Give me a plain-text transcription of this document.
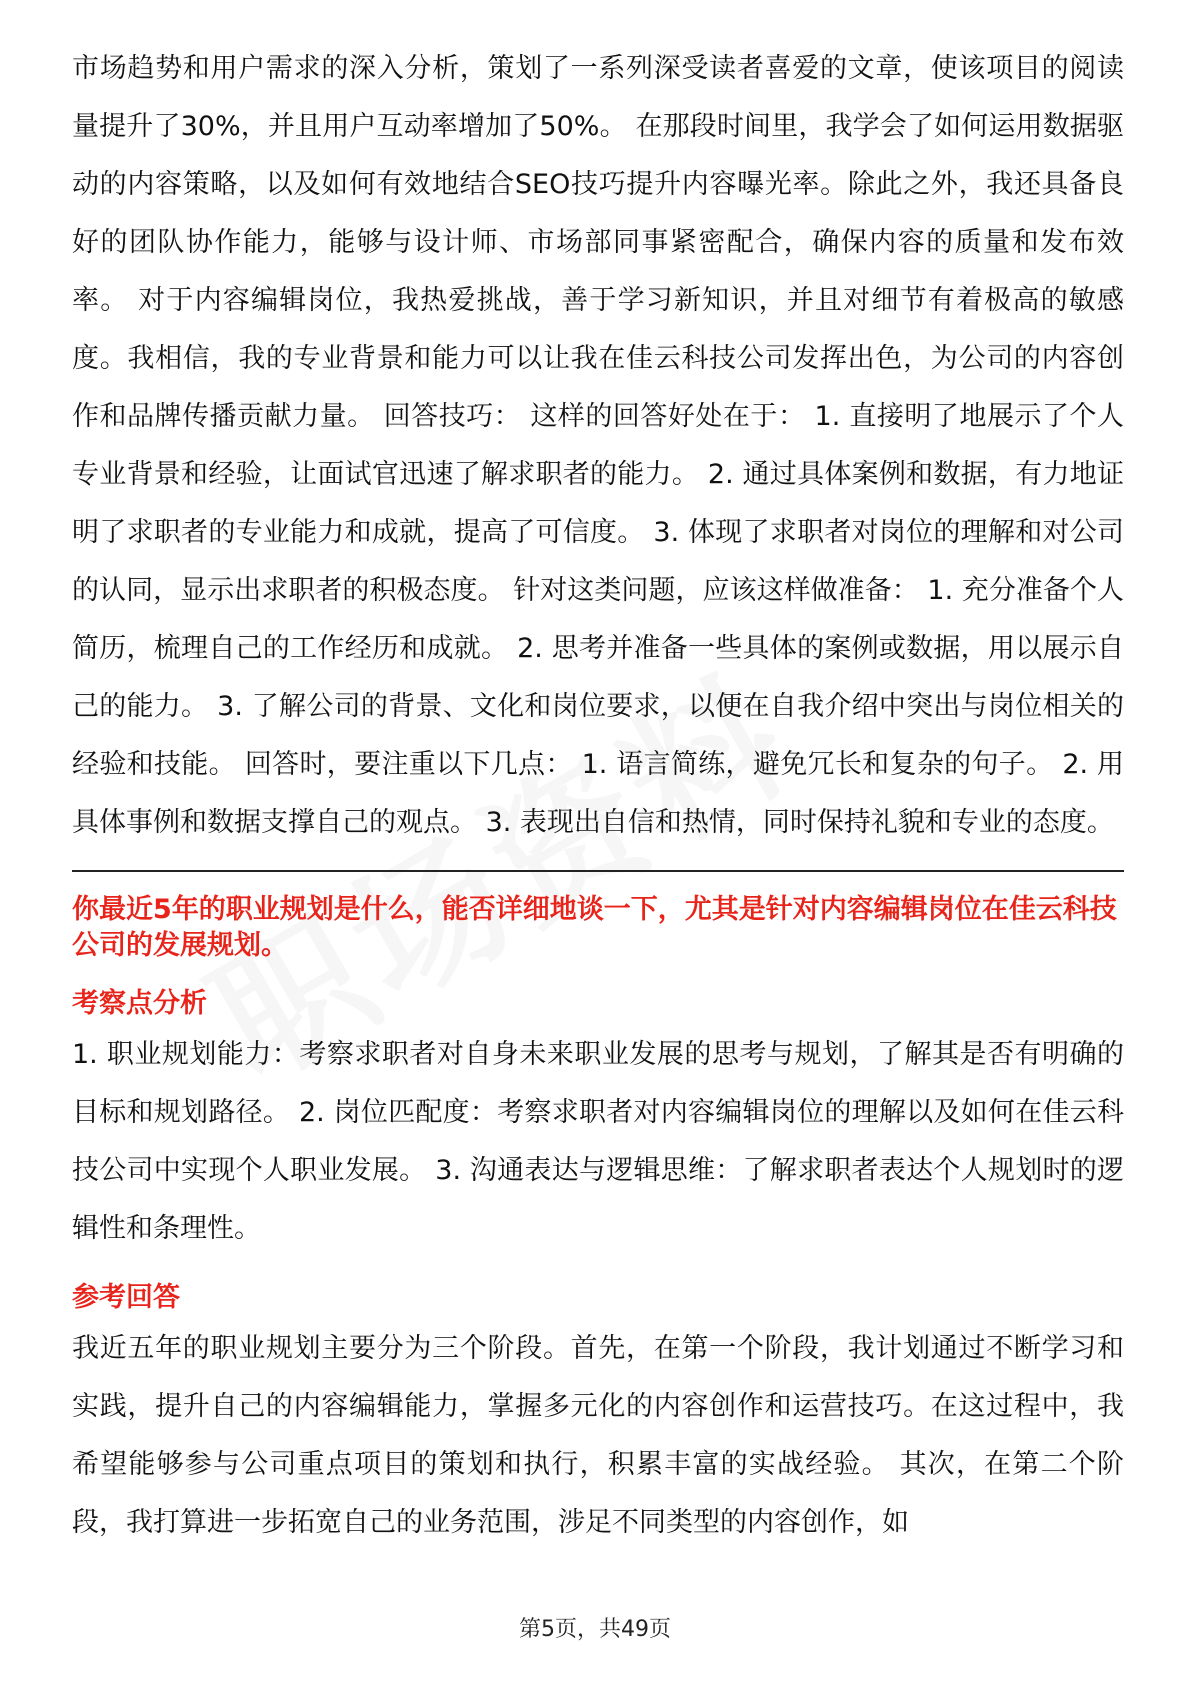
市场趋势和用户需求的深入分析，策划了一系列深受读者喜爱的文章，使该项目的阅读量提升了30%，并且用户互动率增加了50%。 在那段时间里，我学会了如何运用数据驱动的内容策略，以及如何有效地结合SEO技巧提升内容曝光率。除此之外，我还具备良好的团队协作能力，能够与设计师、市场部同事紧密配合，确保内容的质量和发布效率。 对于内容编辑岗位，我热爱挑战，善于学习新知识，并且对细节有着极高的敏感度。我相信，我的专业背景和能力可以让我在佳云科技公司发挥出色，为公司的内容创作和品牌传播贡献力量。 回答技巧： 这样的回答好处在于： 1. 直接明了地展示了个人专业背景和经验，让面试官迅速了解求职者的能力。 2. 通过具体案例和数据，有力地证明了求职者的专业能力和成就，提高了可信度。 3. 体现了求职者对岗位的理解和对公司的认同，显示出求职者的积极态度。 针对这类问题，应该这样做准备： 1. 充分准备个人简历，梳理自己的工作经历和成就。 2. 思考并准备一些具体的案例或数据，用以展示自己的能力。 3. 了解公司的背景、文化和岗位要求，以便在自我介绍中突出与岗位相关的经验和技能。 回答时，要注重以下几点： 1. 语言简练，避免冗长和复杂的句子。 2. 用具体事例和数据支撑自己的观点。 3. 表现出自信和热情，同时保持礼貌和专业的态度。

你最近5年的职业规划是什么，能否详细地谈一下，尤其是针对内容编辑岗位在佳云科技公司的发展规划。
考察点分析

1. 职业规划能力：考察求职者对自身未来职业发展的思考与规划，了解其是否有明确的目标和规划路径。 2. 岗位匹配度：考察求职者对内容编辑岗位的理解以及如何在佳云科技公司中实现个人职业发展。 3. 沟通表达与逻辑思维：了解求职者表达个人规划时的逻辑性和条理性。

参考回答

我近五年的职业规划主要分为三个阶段。首先，在第一个阶段，我计划通过不断学习和实践，提升自己的内容编辑能力，掌握多元化的内容创作和运营技巧。在这过程中，我希望能够参与公司重点项目的策划和执行，积累丰富的实战经验。 其次，在第二个阶段，我打算进一步拓宽自己的业务范围，涉足不同类型的内容创作，如

第5页，共49页
